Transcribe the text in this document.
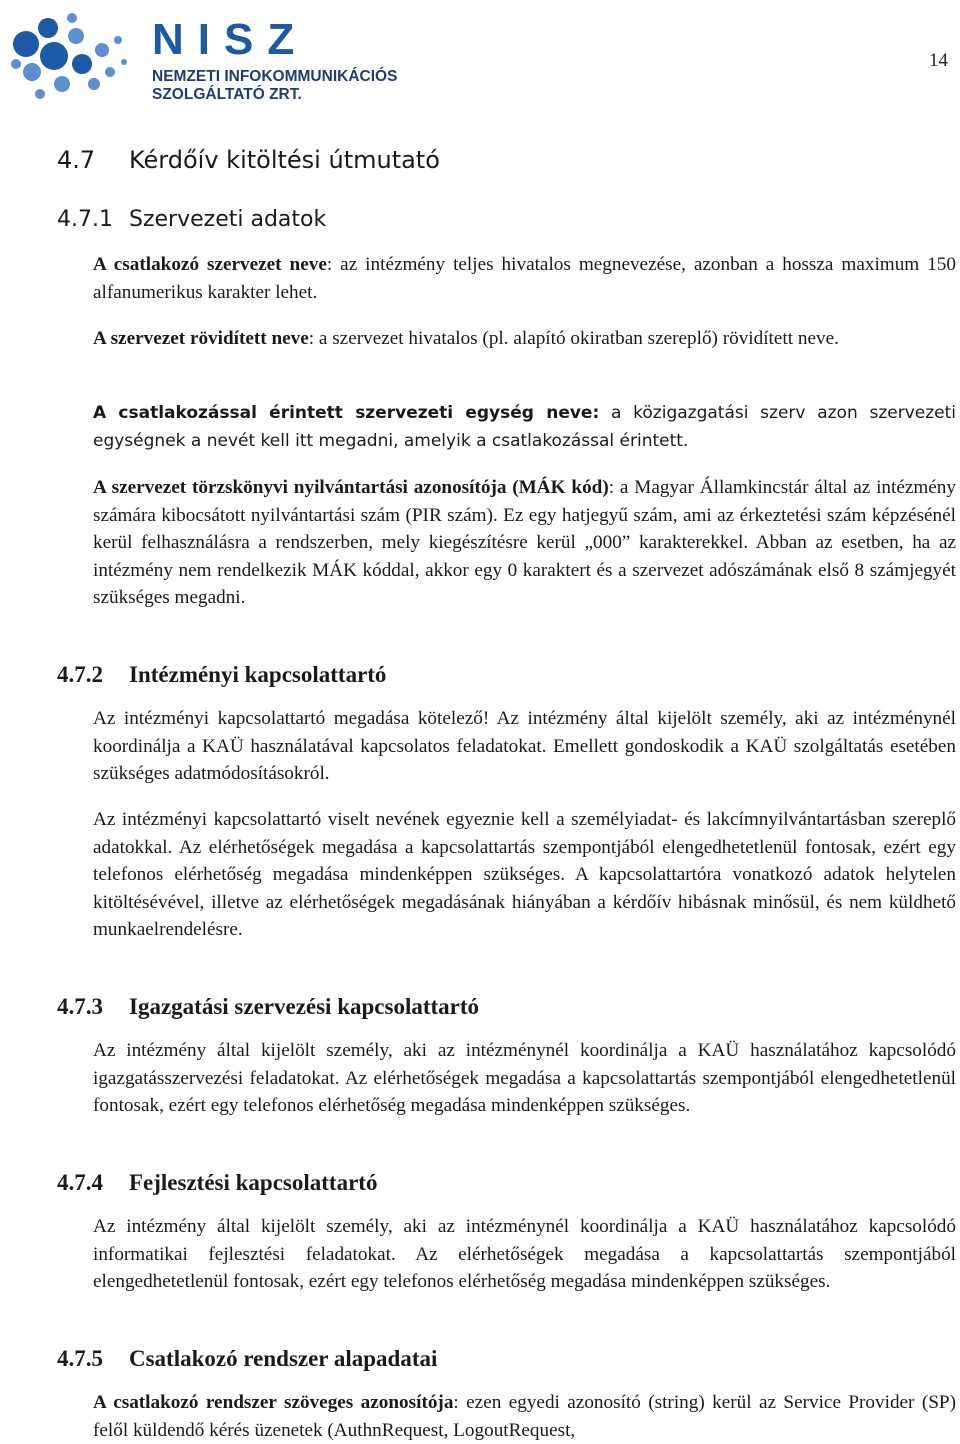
NISZ
NEMZETI INFOKOMMUNIKÁCIÓS
SZOLGÁLTATÓ ZRT.
14
4.7 Kérdőív kitöltési útmutató
4.7.1 Szervezeti adatok

A csatlakozó szervezet neve: az intézmény teljes hivatalos megnevezése, azonban a hossza maximum 150 alfanumerikus karakter lehet.

A szervezet rövidített neve: a szervezet hivatalos (pl. alapító okiratban szereplő) rövidített neve.

A csatlakozással érintett szervezeti egység neve: a közigazgatási szerv azon szervezeti egységnek a nevét kell itt megadni, amelyik a csatlakozással érintett.

A szervezet törzskönyvi nyilvántartási azonosítója (MÁK kód): a Magyar Államkincstár által az intézmény számára kibocsátott nyilvántartási szám (PIR szám). Ez egy hatjegyű szám, ami az érkeztetési szám képzésénél kerül felhasználásra a rendszerben, mely kiegészítésre kerül „000” karakterekkel. Abban az esetben, ha az intézmény nem rendelkezik MÁK kóddal, akkor egy 0 karaktert és a szervezet adószámának első 8 számjegyét szükséges megadni.

4.7.2 Intézményi kapcsolattartó

Az intézményi kapcsolattartó megadása kötelező! Az intézmény által kijelölt személy, aki az intézménynél koordinálja a KAÜ használatával kapcsolatos feladatokat. Emellett gondoskodik a KAÜ szolgáltatás esetében szükséges adatmódosításokról.

Az intézményi kapcsolattartó viselt nevének egyeznie kell a személyiadat- és lakcímnyilvántartásban szereplő adatokkal. Az elérhetőségek megadása a kapcsolattartás szempontjából elengedhetetlenül fontosak, ezért egy telefonos elérhetőség megadása mindenképpen szükséges. A kapcsolattartóra vonatkozó adatok helytelen kitöltésévével, illetve az elérhetőségek megadásának hiányában a kérdőív hibásnak minősül, és nem küldhető munkaelrendelésre.

4.7.3 Igazgatási szervezési kapcsolattartó

Az intézmény által kijelölt személy, aki az intézménynél koordinálja a KAÜ használatához kapcsolódó igazgatásszervezési feladatokat. Az elérhetőségek megadása a kapcsolattartás szempontjából elengedhetetlenül fontosak, ezért egy telefonos elérhetőség megadása mindenképpen szükséges.

4.7.4 Fejlesztési kapcsolattartó

Az intézmény által kijelölt személy, aki az intézménynél koordinálja a KAÜ használatához kapcsolódó informatikai fejlesztési feladatokat. Az elérhetőségek megadása a kapcsolattartás szempontjából elengedhetetlenül fontosak, ezért egy telefonos elérhetőség megadása mindenképpen szükséges.

4.7.5 Csatlakozó rendszer alapadatai

A csatlakozó rendszer szöveges azonosítója: ezen egyedi azonosító (string) kerül az Service Provider (SP) felől küldendő kérés üzenetek (AuthnRequest, LogoutRequest,
